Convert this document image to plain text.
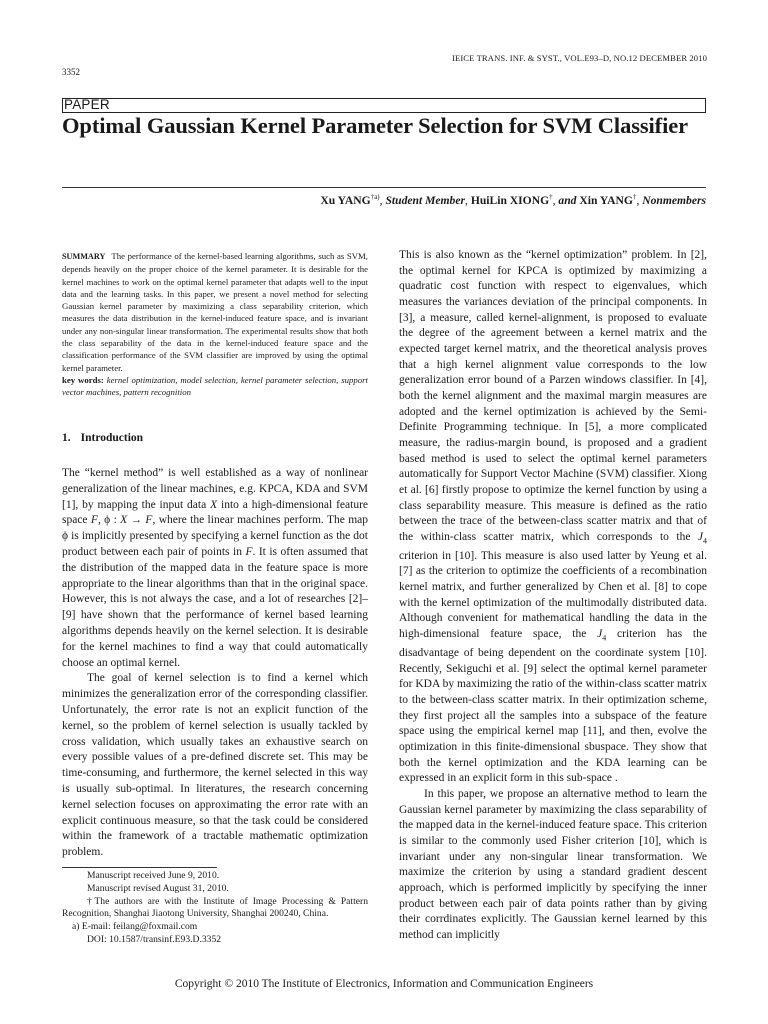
IEICE TRANS. INF. & SYST., VOL.E93–D, NO.12 DECEMBER 2010
3352
PAPER
Optimal Gaussian Kernel Parameter Selection for SVM Classifier
Xu YANG$^{\dagger a)}$, Student Member, HuiLin XIONG†, and Xin YANG†, Nonmembers

SUMMARY The performance of the kernel-based learning algorithms, such as SVM, depends heavily on the proper choice of the kernel parameter. It is desirable for the kernel machines to work on the optimal kernel parameter that adapts well to the input data and the learning tasks. In this paper, we present a novel method for selecting Gaussian kernel parameter by maximizing a class separability criterion, which measures the data distribution in the kernel-induced feature space, and is invariant under any non-singular linear transformation. The experimental results show that both the class separability of the data in the kernel-induced feature space and the classification performance of the SVM classifier are improved by using the optimal kernel parameter.
key words: kernel optimization, model selection, kernel parameter selection, support vector machines, pattern recognition

1. Introduction

The “kernel method” is well established as a way of nonlinear generalization of the linear machines, e.g. KPCA, KDA and SVM [1], by mapping the input data X into a high-dimensional feature space F, ϕ : X → F, where the linear machines perform. The map ϕ is implicitly presented by specifying a kernel function as the dot product between each pair of points in F. It is often assumed that the distribution of the mapped data in the feature space is more appropriate to the linear algorithms than that in the original space. However, this is not always the case, and a lot of researches [2]–[9] have shown that the performance of kernel based learning algorithms depends heavily on the kernel selection. It is desirable for the kernel machines to find a way that could automatically choose an optimal kernel.

The goal of kernel selection is to find a kernel which minimizes the generalization error of the corresponding classifier. Unfortunately, the error rate is not an explicit function of the kernel, so the problem of kernel selection is usually tackled by cross validation, which usually takes an exhaustive search on every possible values of a pre-defined discrete set. This may be time-consuming, and furthermore, the kernel selected in this way is usually sub-optimal. In literatures, the research concerning kernel selection focuses on approximating the error rate with an explicit continuous measure, so that the task could be considered within the framework of a tractable mathematic optimization problem.

Manuscript received June 9, 2010.

Manuscript revised August 31, 2010.

†The authors are with the Institute of Image Processing & Pattern Recognition, Shanghai Jiaotong University, Shanghai 200240, China.

a) E-mail: feilang@foxmail.com

DOI: 10.1587/transinf.E93.D.3352

This is also known as the “kernel optimization” problem. In [2], the optimal kernel for KPCA is optimized by maximizing a quadratic cost function with respect to eigenvalues, which measures the variances deviation of the principal components. In [3], a measure, called kernel-alignment, is proposed to evaluate the degree of the agreement between a kernel matrix and the expected target kernel matrix, and the theoretical analysis proves that a high kernel alignment value corresponds to the low generalization error bound of a Parzen windows classifier. In [4], both the kernel alignment and the maximal margin measures are adopted and the kernel optimization is achieved by the Semi-Definite Programming technique. In [5], a more complicated measure, the radius-margin bound, is proposed and a gradient based method is used to select the optimal kernel parameters automatically for Support Vector Machine (SVM) classifier. Xiong et al. [6] firstly propose to optimize the kernel function by using a class separability measure. This measure is defined as the ratio between the trace of the between-class scatter matrix and that of the within-class scatter matrix, which corresponds to the $J_4$ criterion in [10]. This measure is also used latter by Yeung et al. [7] as the criterion to optimize the coefficients of a recombination kernel matrix, and further generalized by Chen et al. [8] to cope with the kernel optimization of the multimodally distributed data. Although convenient for mathematical handling the data in the high-dimensional feature space, the $J_4$ criterion has the disadvantage of being dependent on the coordinate system [10]. Recently, Sekiguchi et al. [9] select the optimal kernel parameter for KDA by maximizing the ratio of the within-class scatter matrix to the between-class scatter matrix. In their optimization scheme, they first project all the samples into a subspace of the feature space using the empirical kernel map [11], and then, evolve the optimization in this finite-dimensional sbuspace. They show that both the kernel optimization and the KDA learning can be expressed in an explicit form in this sub-space .

In this paper, we propose an alternative method to learn the Gaussian kernel parameter by maximizing the class separability of the mapped data in the kernel-induced feature space. This criterion is similar to the commonly used Fisher criterion [10], which is invariant under any non-singular linear transformation. We maximize the criterion by using a standard gradient descent approach, which is performed implicitly by specifying the inner product between each pair of data points rather than by giving their corrdinates explicitly. The Gaussian kernel learned by this method can implicitly

Copyright © 2010 The Institute of Electronics, Information and Communication Engineers
